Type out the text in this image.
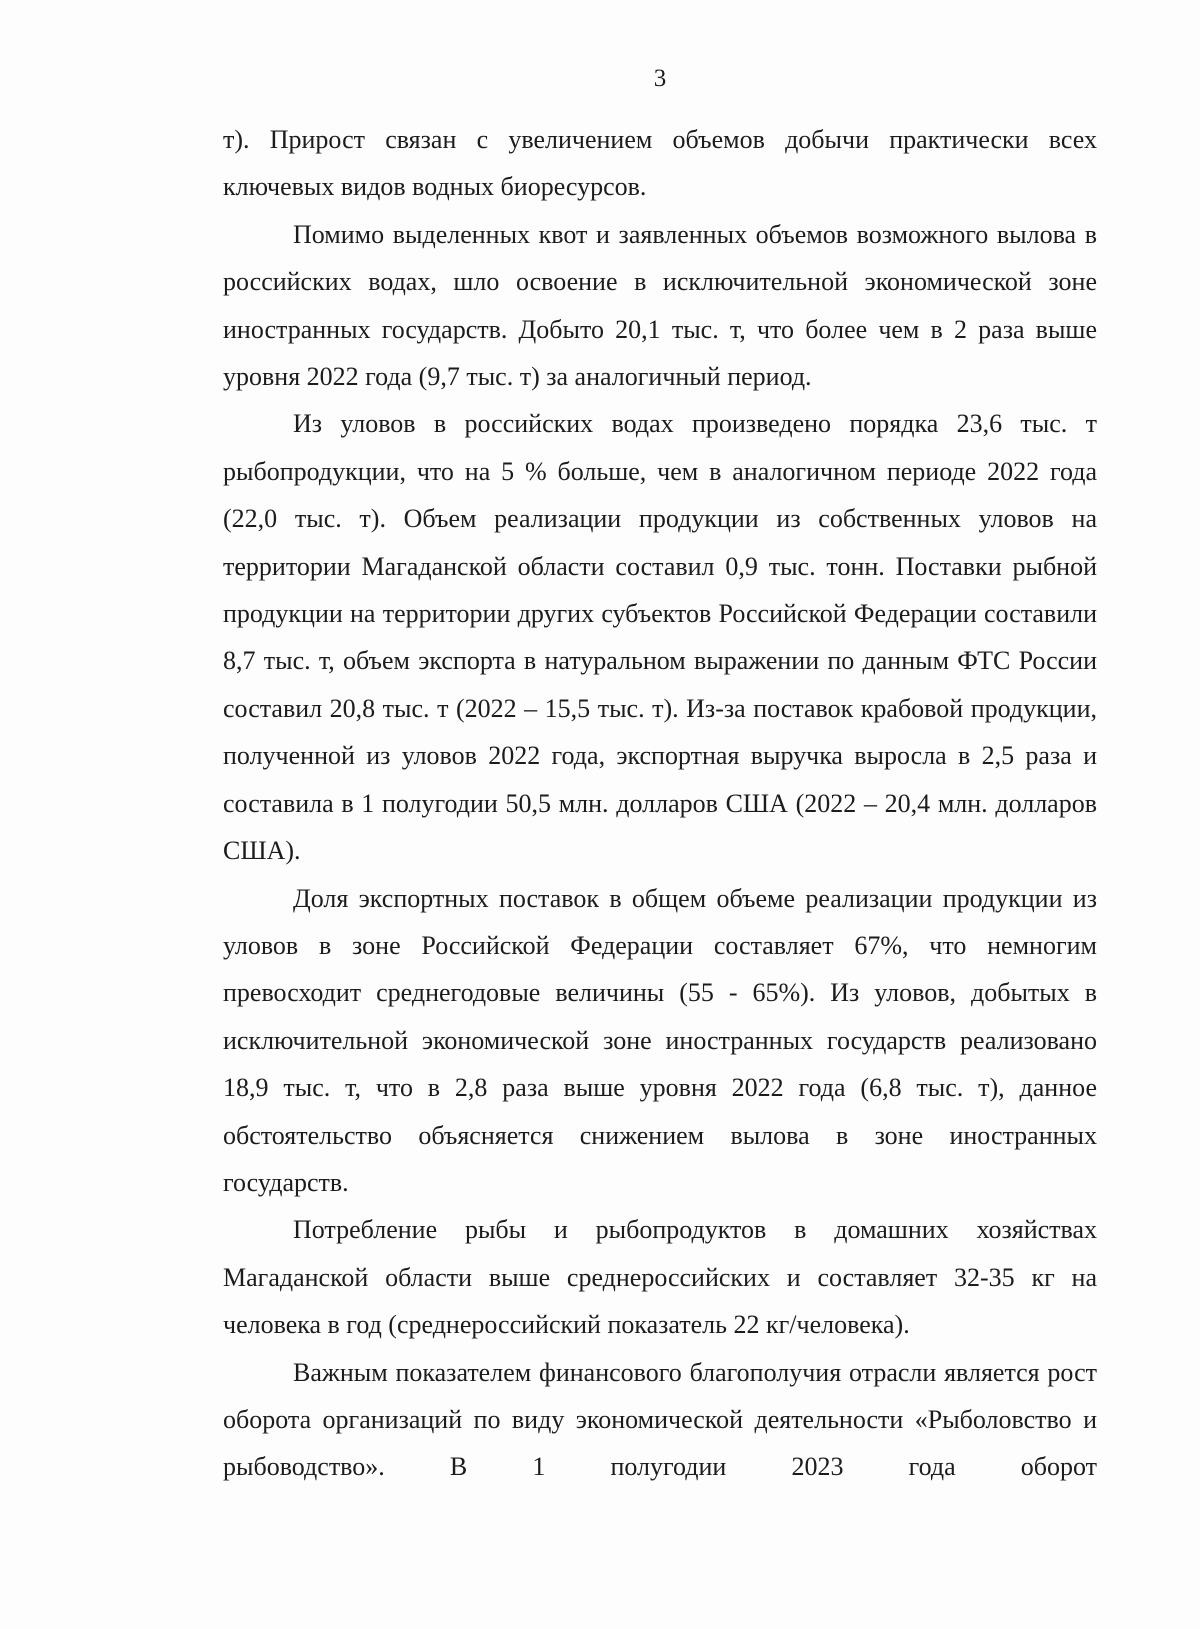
3

т). Прирост связан с увеличением объемов добычи практически всех ключевых видов водных биоресурсов.

Помимо выделенных квот и заявленных объемов возможного вылова в российских водах, шло освоение в исключительной экономической зоне иностранных государств. Добыто 20,1 тыс. т, что более чем в 2 раза выше уровня 2022 года (9,7 тыс. т) за аналогичный период.

Из уловов в российских водах произведено порядка 23,6 тыс. т рыбопродукции, что на 5 % больше, чем в аналогичном периоде 2022 года (22,0 тыс. т). Объем реализации продукции из собственных уловов на территории Магаданской области составил 0,9 тыс. тонн. Поставки рыбной продукции на территории других субъектов Российской Федерации составили 8,7 тыс. т, объем экспорта в натуральном выражении по данным ФТС России составил 20,8 тыс. т (2022 – 15,5 тыс. т). Из-за поставок крабовой продукции, полученной из уловов 2022 года, экспортная выручка выросла в 2,5 раза и составила в 1 полугодии 50,5 млн. долларов США (2022 – 20,4 млн. долларов США).

Доля экспортных поставок в общем объеме реализации продукции из уловов в зоне Российской Федерации составляет 67%, что немногим превосходит среднегодовые величины (55 - 65%). Из уловов, добытых в исключительной экономической зоне иностранных государств реализовано 18,9 тыс. т, что в 2,8 раза выше уровня 2022 года (6,8 тыс. т), данное обстоятельство объясняется снижением вылова в зоне иностранных государств.

Потребление рыбы и рыбопродуктов в домашних хозяйствах Магаданской области выше среднероссийских и составляет 32-35 кг на человека в год (среднероссийский показатель 22 кг/человека).

Важным показателем финансового благополучия отрасли является рост оборота организаций по виду экономической деятельности «Рыболовство и рыбоводство». В 1 полугодии 2023 года оборот
